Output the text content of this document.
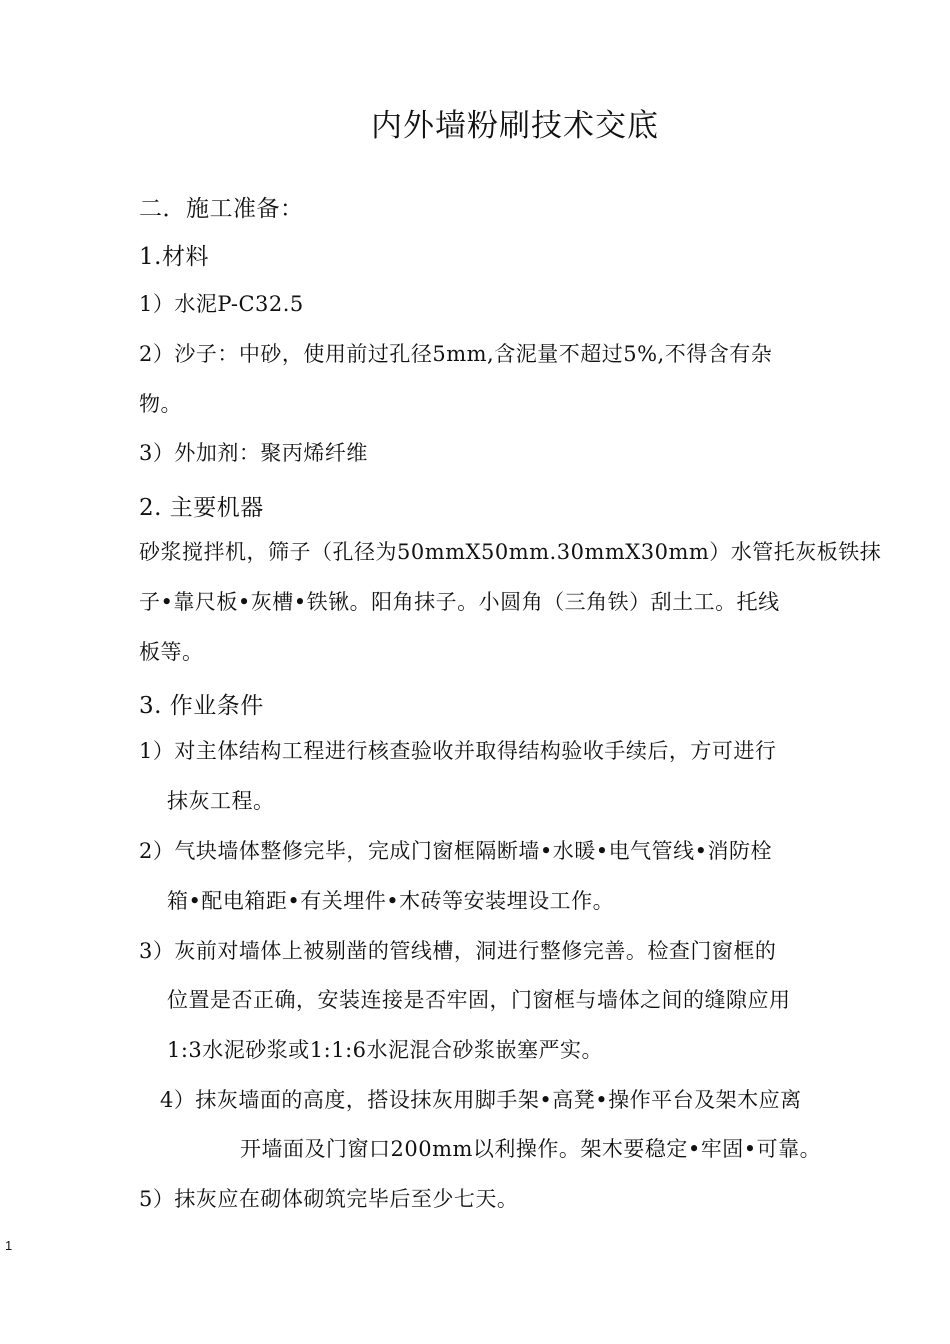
内外墙粉刷技术交底
二．施工准备：
1.材料
1）水泥P-C32.5
2）沙子：中砂，使用前过孔径5mm,含泥量不超过5%,不得含有杂
物。
3）外加剂：聚丙烯纤维
2. 主要机器
砂浆搅拌机，筛子（孔径为50mmX50mm.30mmX30mm）水管托灰板铁抹
子•靠尺板•灰槽•铁锹。阳角抹子。小圆角（三角铁）刮土工。托线
板等。
3. 作业条件
1）对主体结构工程进行核查验收并取得结构验收手续后，方可进行
抹灰工程。
2）气块墙体整修完毕，完成门窗框隔断墙•水暖•电气管线•消防栓
箱•配电箱距•有关埋件•木砖等安装埋设工作。
3）灰前对墙体上被剔凿的管线槽，洞进行整修完善。检查门窗框的
位置是否正确，安装连接是否牢固，门窗框与墙体之间的缝隙应用
1:3水泥砂浆或1:1:6水泥混合砂浆嵌塞严实。
4）抹灰墙面的高度，搭设抹灰用脚手架•高凳•操作平台及架木应离
开墙面及门窗口200mm以利操作。架木要稳定•牢固•可靠。
5）抹灰应在砌体砌筑完毕后至少七天。
1
